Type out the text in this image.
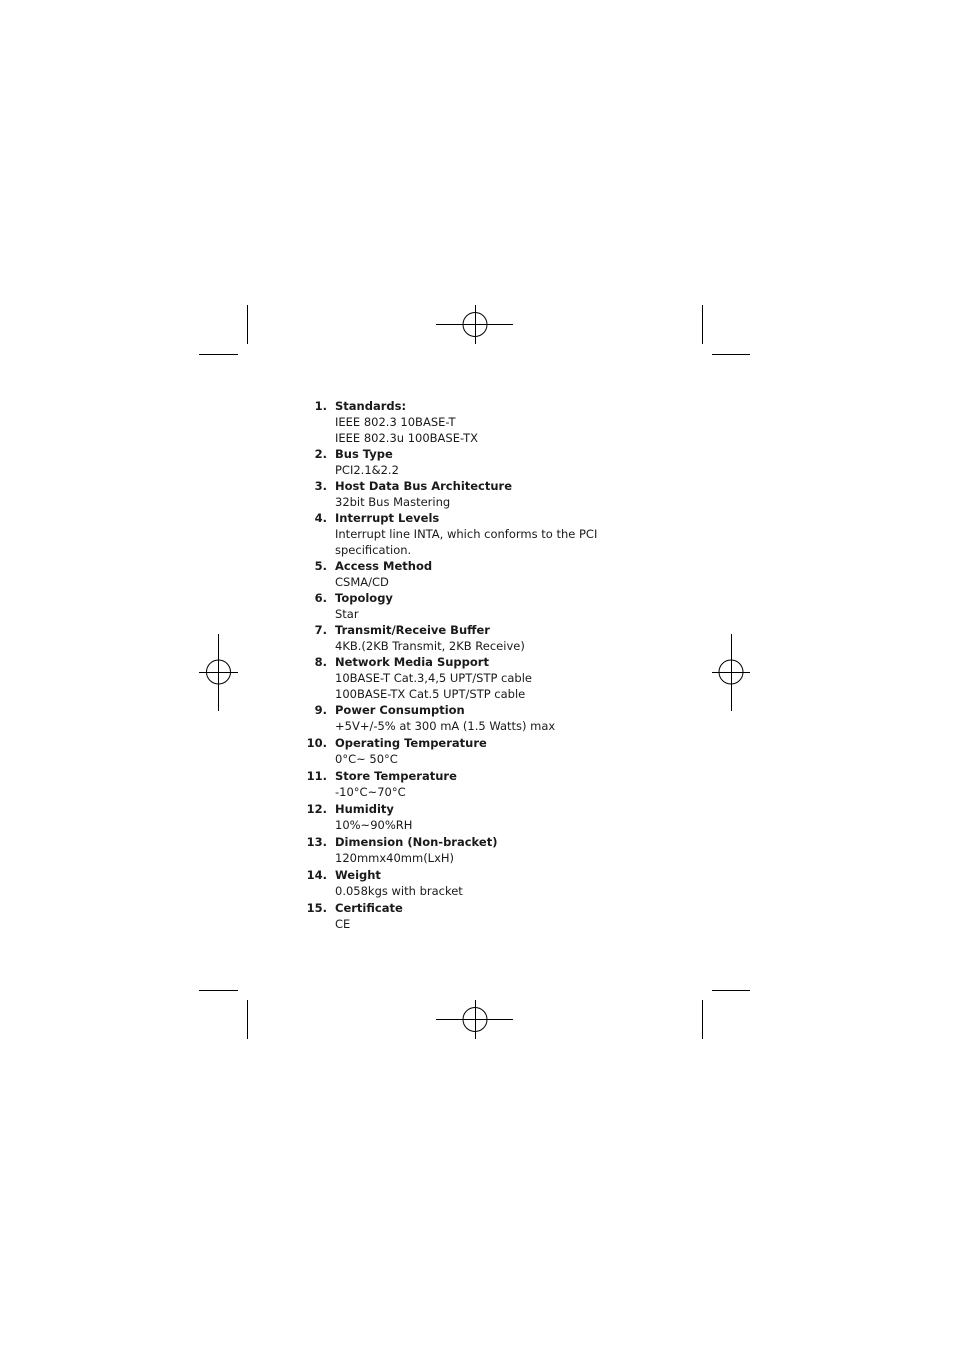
1. Standards:
IEEE 802.3 10BASE-T
IEEE 802.3u 100BASE-TX
2. Bus Type
PCI2.1&2.2
3. Host Data Bus Architecture
32bit Bus Mastering
4. Interrupt Levels
Interrupt line INTA, which conforms to the PCI
specification.
5. Access Method
CSMA/CD
6. Topology
Star
7. Transmit/Receive Buffer
4KB.(2KB Transmit, 2KB Receive)
8. Network Media Support
10BASE-T Cat.3,4,5 UPT/STP cable
100BASE-TX Cat.5 UPT/STP cable
9. Power Consumption
+5V+/-5% at 300 mA (1.5 Watts) max
10. Operating Temperature
0°C~ 50°C
11. Store Temperature
-10°C~70°C
12. Humidity
10%~90%RH
13. Dimension (Non-bracket)
120mmx40mm(LxH)
14. Weight
0.058kgs with bracket
15. Certificate
CE
